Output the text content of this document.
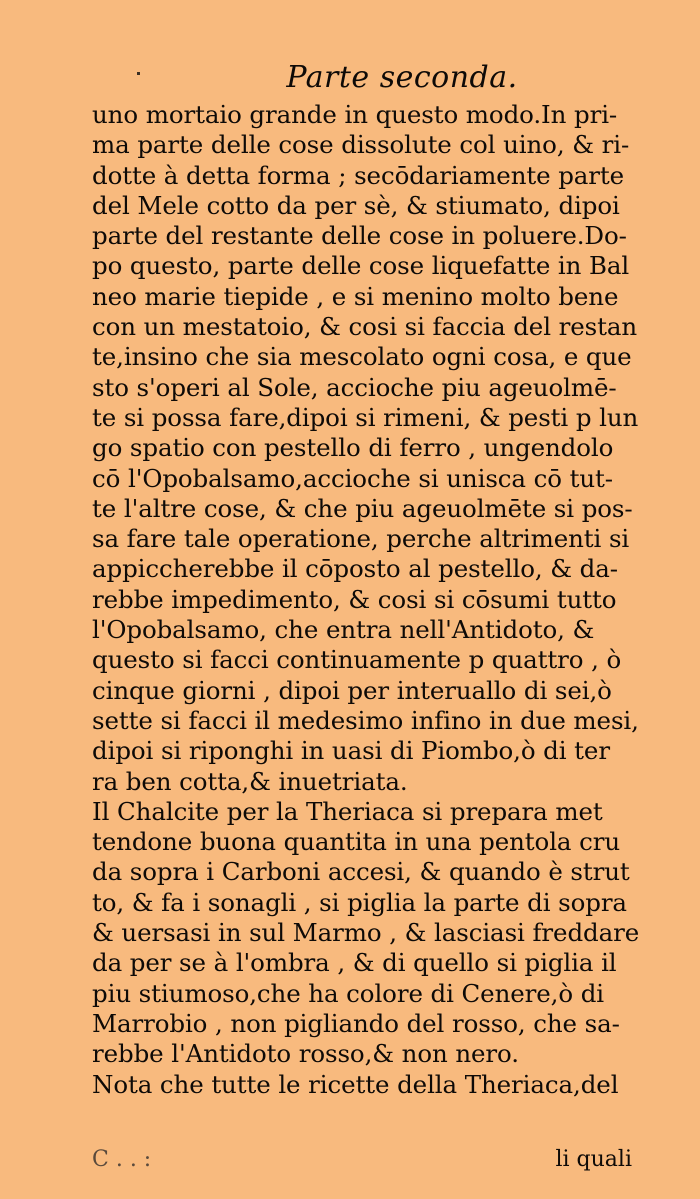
Parte seconda.
uno mortaio grande in questo modo.In pri-
ma parte delle cose dissolute col uino, & ri-
dotte à detta forma ; secōdariamente parte
del Mele cotto da per sè, & stiumato, dipoi
parte del restante delle cose in poluere.Do-
po questo, parte delle cose liquefatte in Bal
neo marie tiepide , e si menino molto bene
con un mestatoio, & cosi si faccia del restan
te,insino che sia mescolato ogni cosa, e que
sto s'operi al Sole, accioche piu ageuolmē-
te si possa fare,dipoi si rimeni, & pesti p lun
go spatio con pestello di ferro , ungendolo
cō l'Opobalsamo,accioche si unisca cō tut-
te l'altre cose, & che piu ageuolmēte si pos-
sa fare tale operatione, perche altrimenti si
appiccherebbe il cōposto al pestello, & da-
rebbe impedimento, & cosi si cōsumi tutto
l'Opobalsamo, che entra nell'Antidoto, &
questo si facci continuamente p quattro , ò
cinque giorni , dipoi per interuallo di sei,ò
sette si facci il medesimo infino in due mesi,
dipoi si riponghi in uasi di Piombo,ò di ter
ra ben cotta,& inuetriata.
Il Chalcite per la Theriaca si prepara met
tendone buona quantita in una pentola cru
da sopra i Carboni accesi, & quando è strut
to, & fa i sonagli , si piglia la parte di sopra
& uersasi in sul Marmo , & lasciasi freddare
da per se à l'ombra , & di quello si piglia il
piu stiumoso,che ha colore di Cenere,ò di
Marrobio , non pigliando del rosso, che sa-
rebbe l'Antidoto rosso,& non nero.
Nota che tutte le ricette della Theriaca,del
C . . :	li quali
